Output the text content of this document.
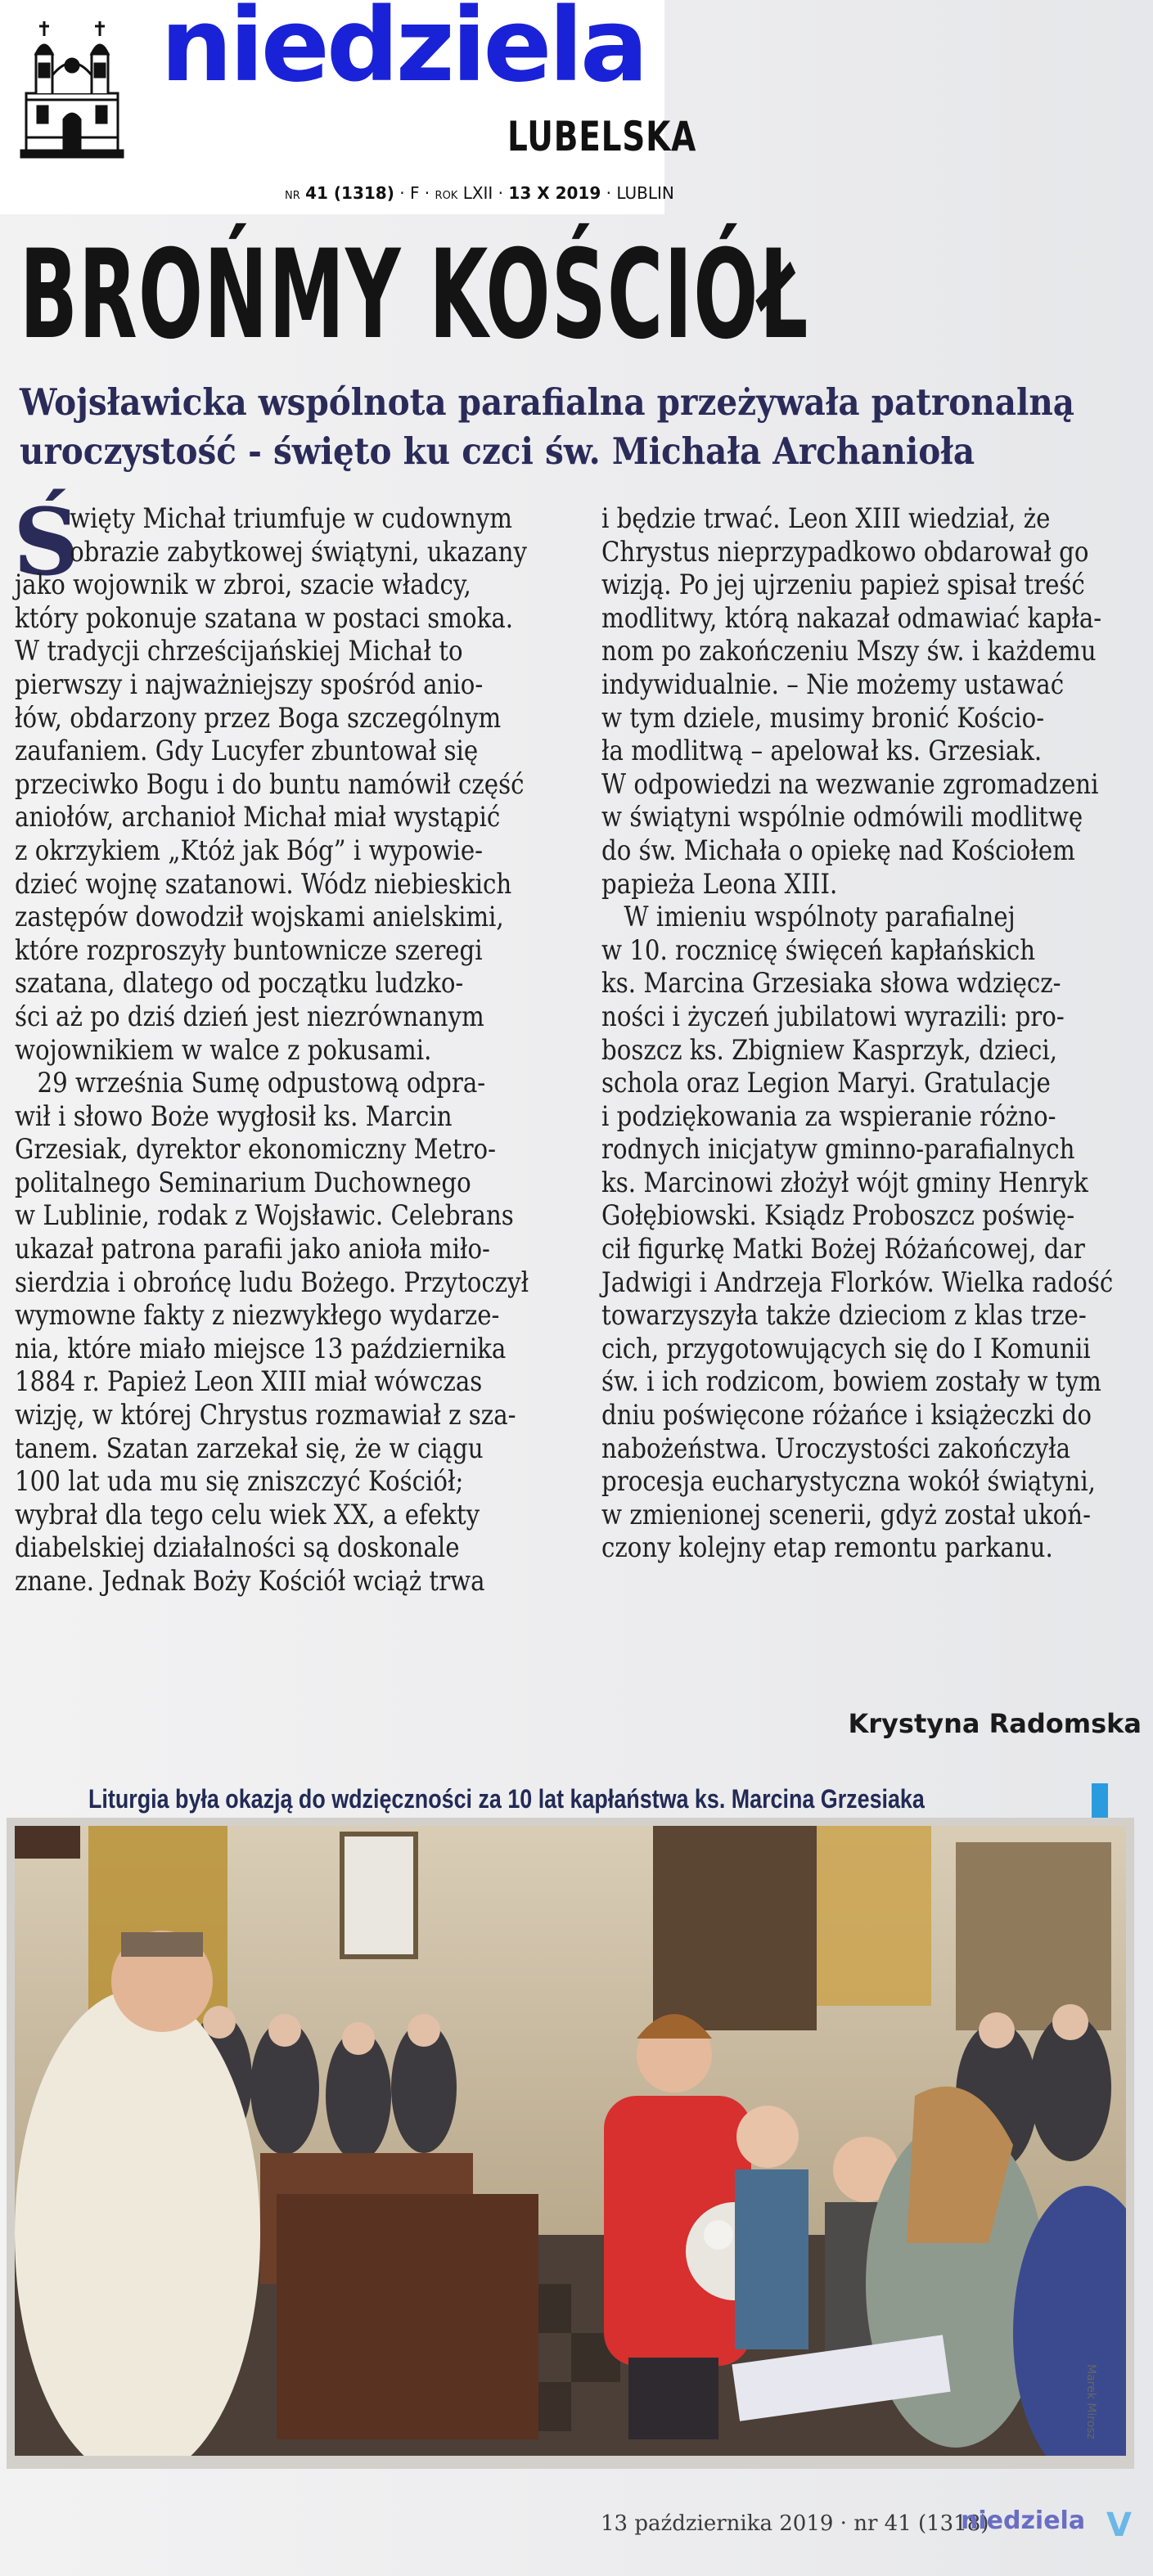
niedziela
LUBELSKA
NR 41 (1318) · F · ROK LXII · 13 X 2019 · LUBLIN
BROŃMY KOŚCIÓŁ
Wojsławicka wspólnota parafialna przeżywała patronalną
uroczystość - święto ku czci św. Michała Archanioła
Ś
więty Michał triumfuje w cudownym
obrazie zabytkowej świątyni, ukazany
jako wojownik w zbroi, szacie władcy,
który pokonuje szatana w postaci smoka.
W tradycji chrześcijańskiej Michał to
pierwszy i najważniejszy spośród anio-
łów, obdarzony przez Boga szczególnym
zaufaniem. Gdy Lucyfer zbuntował się
przeciwko Bogu i do buntu namówił część
aniołów, archanioł Michał miał wystąpić
z okrzykiem „Któż jak Bóg” i wypowie-
dzieć wojnę szatanowi. Wódz niebieskich
zastępów dowodził wojskami anielskimi,
które rozproszyły buntownicze szeregi
szatana, dlatego od początku ludzko-
ści aż po dziś dzień jest niezrównanym
wojownikiem w walce z pokusami.
29 września Sumę odpustową odpra-
wił i słowo Boże wygłosił ks. Marcin
Grzesiak, dyrektor ekonomiczny Metro-
politalnego Seminarium Duchownego
w Lublinie, rodak z Wojsławic. Celebrans
ukazał patrona parafii jako anioła miło-
sierdzia i obrońcę ludu Bożego. Przytoczył
wymowne fakty z niezwykłego wydarze-
nia, które miało miejsce 13 października
1884 r. Papież Leon XIII miał wówczas
wizję, w której Chrystus rozmawiał z sza-
tanem. Szatan zarzekał się, że w ciągu
100 lat uda mu się zniszczyć Kościół;
wybrał dla tego celu wiek XX, a efekty
diabelskiej działalności są doskonale
znane. Jednak Boży Kościół wciąż trwa
i będzie trwać. Leon XIII wiedział, że
Chrystus nieprzypadkowo obdarował go
wizją. Po jej ujrzeniu papież spisał treść
modlitwy, którą nakazał odmawiać kapła-
nom po zakończeniu Mszy św. i każdemu
indywidualnie. – Nie możemy ustawać
w tym dziele, musimy bronić Kościo-
ła modlitwą – apelował ks. Grzesiak.
W odpowiedzi na wezwanie zgromadzeni
w świątyni wspólnie odmówili modlitwę
do św. Michała o opiekę nad Kościołem
papieża Leona XIII.
W imieniu wspólnoty parafialnej
w 10. rocznicę święceń kapłańskich
ks. Marcina Grzesiaka słowa wdzięcz-
ności i życzeń jubilatowi wyrazili: pro-
boszcz ks. Zbigniew Kasprzyk, dzieci,
schola oraz Legion Maryi. Gratulacje
i podziękowania za wspieranie różno-
rodnych inicjatyw gminno-parafialnych
ks. Marcinowi złożył wójt gminy Henryk
Gołębiowski. Ksiądz Proboszcz poświę-
cił figurkę Matki Bożej Różańcowej, dar
Jadwigi i Andrzeja Florków. Wielka radość
towarzyszyła także dzieciom z klas trze-
cich, przygotowujących się do I Komunii
św. i ich rodzicom, bowiem zostały w tym
dniu poświęcone różańce i książeczki do
nabożeństwa. Uroczystości zakończyła
procesja eucharystyczna wokół świątyni,
w zmienionej scenerii, gdyż został ukoń-
czony kolejny etap remontu parkanu.
Krystyna Radomska
Liturgia była okazją do wdzięczności za 10 lat kapłaństwa ks. Marcina Grzesiaka
Marek Mirosz
13 października 2019 · nr 41 (1318)
niedziela V
